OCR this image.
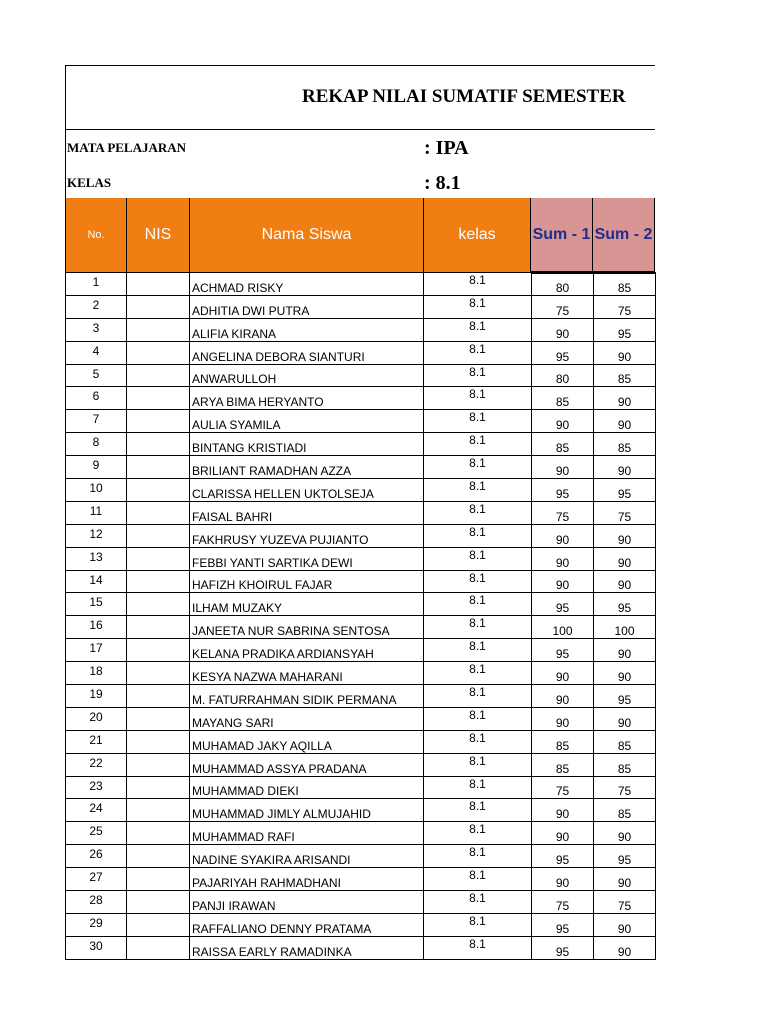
REKAP NILAI SUMATIF SEMESTER
MATA PELAJARAN	: IPA
KELAS	: 8.1
No.	NIS	Nama Siswa	kelas	Sum - 1 Sum - 2
1		ACHMAD RISKY	8.1	80	85
2		ADHITIA DWI PUTRA	8.1	75	75
3		ALIFIA KIRANA	8.1	90	95
4		ANGELINA DEBORA SIANTURI	8.1	95	90
5		ANWARULLOH	8.1	80	85
6		ARYA BIMA HERYANTO	8.1	85	90
7		AULIA SYAMILA	8.1	90	90
8		BINTANG KRISTIADI	8.1	85	85
9		BRILIANT RAMADHAN AZZA	8.1	90	90
10		CLARISSA HELLEN UKTOLSEJA	8.1	95	95
11		FAISAL BAHRI	8.1	75	75
12		FAKHRUSY YUZEVA PUJIANTO	8.1	90	90
13		FEBBI YANTI SARTIKA DEWI	8.1	90	90
14		HAFIZH KHOIRUL FAJAR	8.1	90	90
15		ILHAM MUZAKY	8.1	95	95
16		JANEETA NUR SABRINA SENTOSA	8.1	100	100
17		KELANA PRADIKA ARDIANSYAH	8.1	95	90
18		KESYA NAZWA MAHARANI	8.1	90	90
19		M. FATURRAHMAN SIDIK PERMANA	8.1	90	95
20		MAYANG SARI	8.1	90	90
21		MUHAMAD JAKY AQILLA	8.1	85	85
22		MUHAMMAD ASSYA PRADANA	8.1	85	85
23		MUHAMMAD DIEKI	8.1	75	75
24		MUHAMMAD JIMLY ALMUJAHID	8.1	90	85
25		MUHAMMAD RAFI	8.1	90	90
26		NADINE SYAKIRA ARISANDI	8.1	95	95
27		PAJARIYAH RAHMADHANI	8.1	90	90
28		PANJI IRAWAN	8.1	75	75
29		RAFFALIANO DENNY PRATAMA	8.1	95	90
30		RAISSA EARLY RAMADINKA	8.1	95	90
